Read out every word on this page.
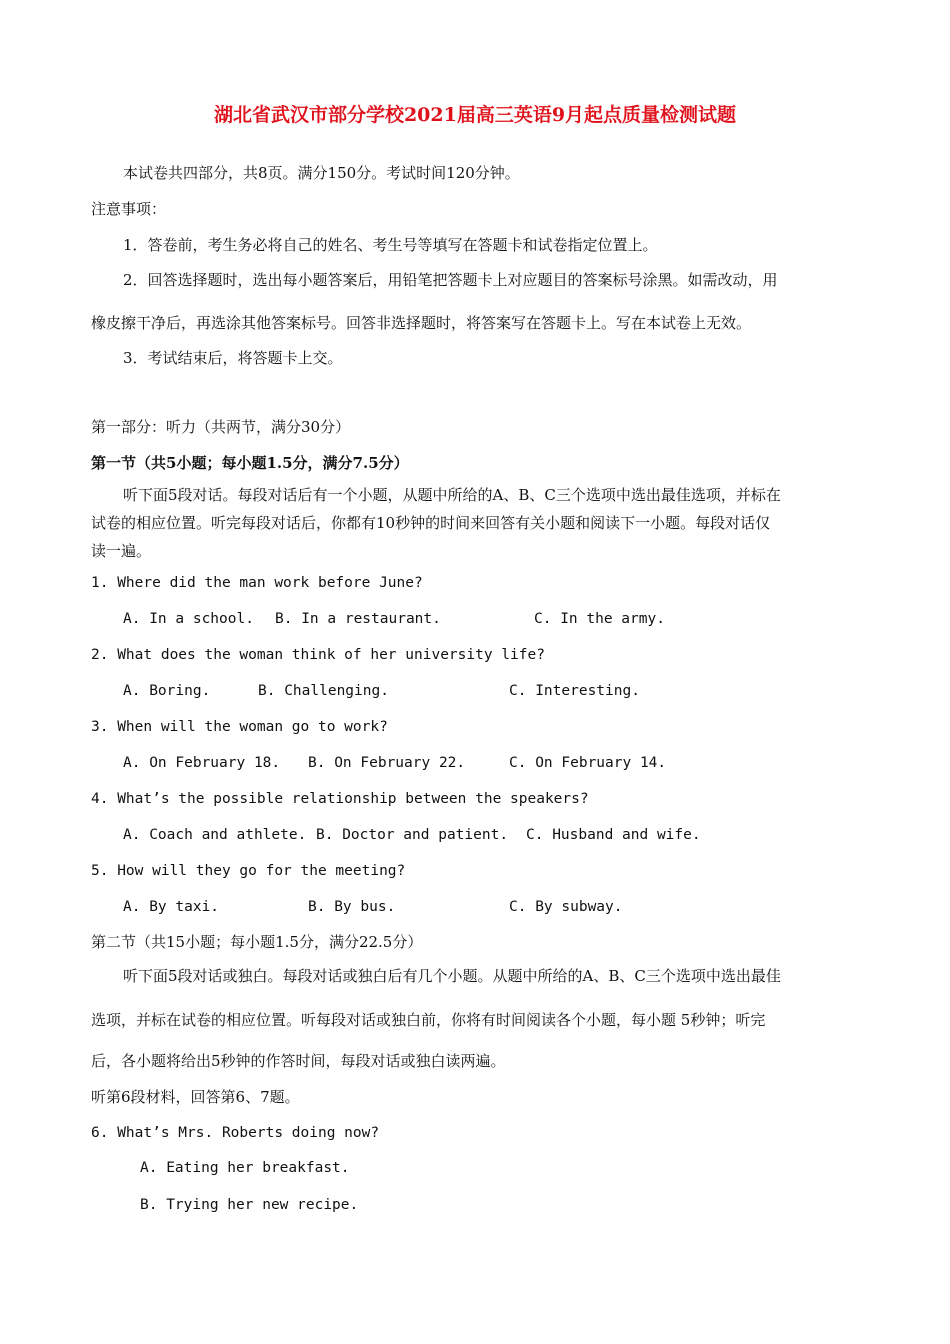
湖北省武汉市部分学校2021届高三英语9月起点质量检测试题
本试卷共四部分，共8页。满分150分。考试时间120分钟。
注意事项：
1．答卷前，考生务必将自己的姓名、考生号等填写在答题卡和试卷指定位置上。
2．回答选择题时，选出每小题答案后，用铅笔把答题卡上对应题目的答案标号涂黑。如需改动，用
橡皮擦干净后，再选涂其他答案标号。回答非选择题时，将答案写在答题卡上。写在本试卷上无效。
3．考试结束后，将答题卡上交。
第一部分：听力（共两节，满分30分）
第一节（共5小题；每小题1.5分，满分7.5分）
听下面5段对话。每段对话后有一个小题，从题中所给的A、B、C三个选项中选出最佳选项，并标在
试卷的相应位置。听完每段对话后，你都有10秒钟的时间来回答有关小题和阅读下一小题。每段对话仅
读一遍。
1. Where did the man work before June?
A. In a school. B. In a restaurant.	C. In the army.
2. What does the woman think of her university life?
A. Boring.	B. Challenging.	C. Interesting.
3. When will the woman go to work?
A. On February 18. B. On February 22.	C. On February 14.
4. What’s the possible relationship between the speakers?
A. Coach and athlete. B. Doctor and patient. C. Husband and wife.
5. How will they go for the meeting?
A. By taxi.	B. By bus.	C. By subway.
第二节（共15小题；每小题1.5分，满分22.5分）
听下面5段对话或独白。每段对话或独白后有几个小题。从题中所给的A、B、C三个选项中选出最佳
选项，并标在试卷的相应位置。听每段对话或独白前，你将有时间阅读各个小题，每小题 5秒钟；听完
后，各小题将给出5秒钟的作答时间，每段对话或独白读两遍。
听第6段材料，回答第6、7题。
6. What’s Mrs. Roberts doing now?
A. Eating her breakfast.
B. Trying her new recipe.
